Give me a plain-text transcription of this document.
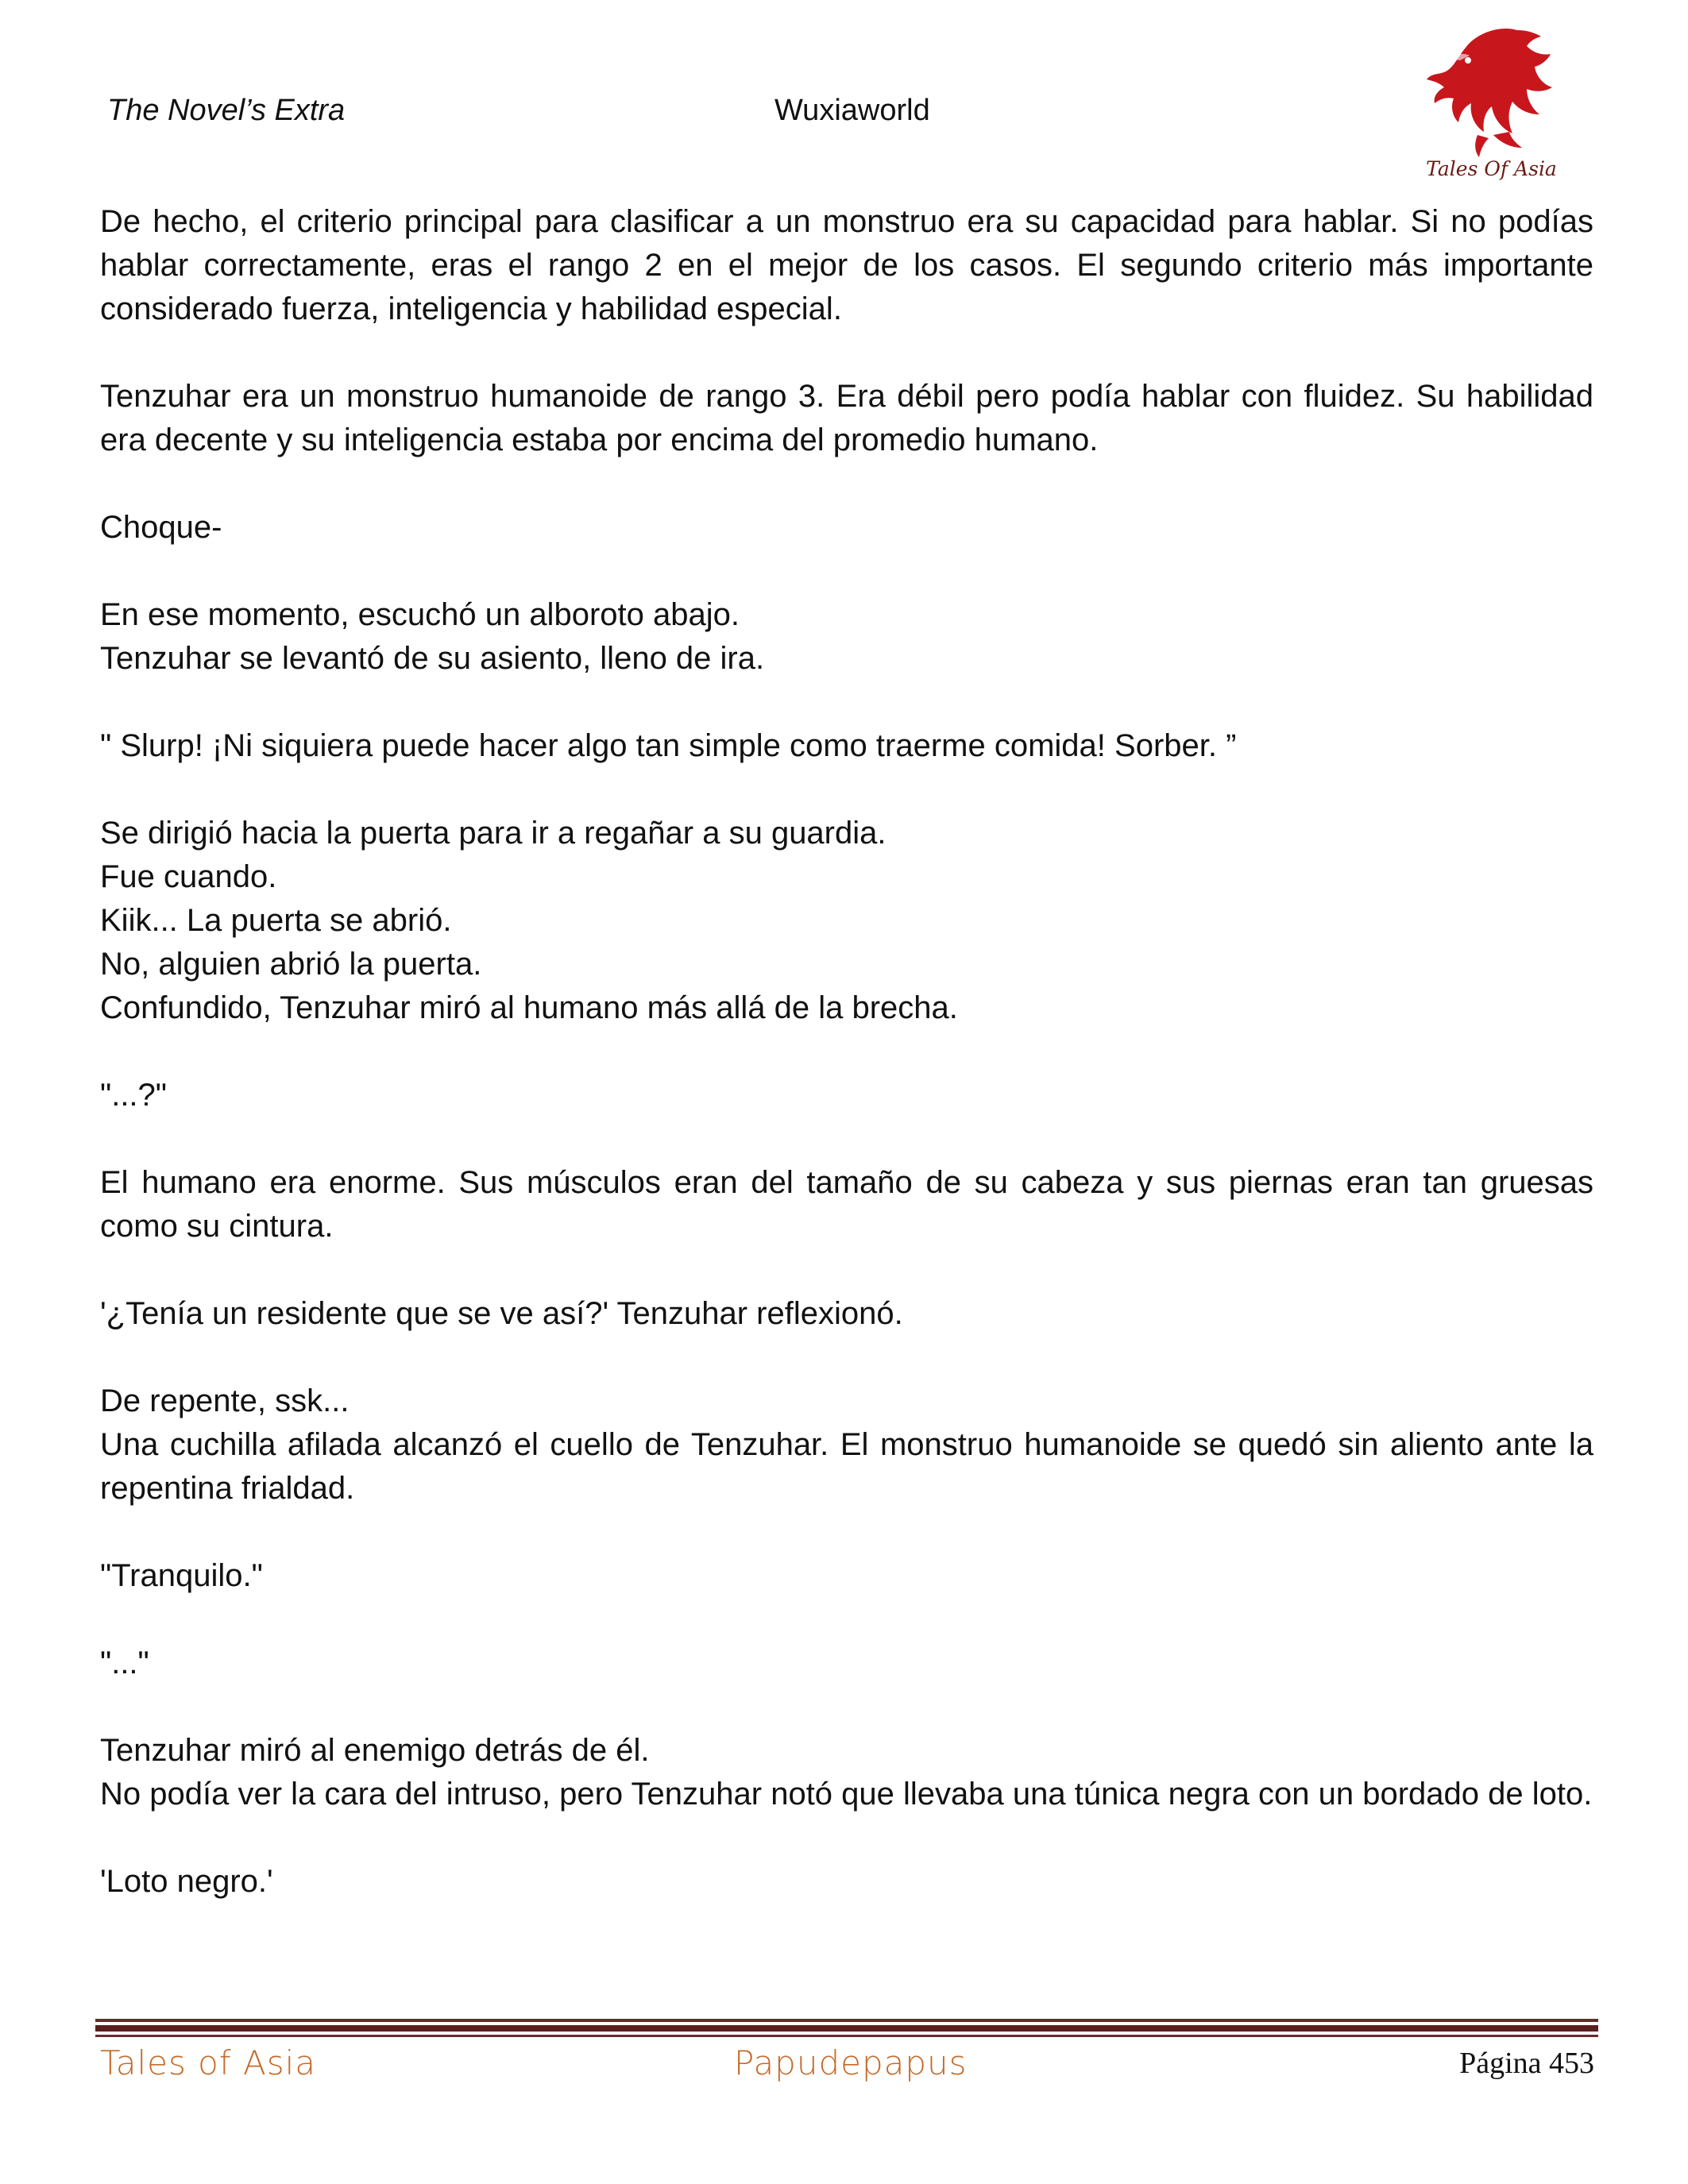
The Novel’s Extra	Wuxiaworld
Tales Of Asia

De hecho, el criterio principal para clasificar a un monstruo era su capacidad para hablar. Si no podías hablar correctamente, eras el rango 2 en el mejor de los casos. El segundo criterio más importante considerado fuerza, inteligencia y habilidad especial.

Tenzuhar era un monstruo humanoide de rango 3. Era débil pero podía hablar con fluidez. Su habilidad era decente y su inteligencia estaba por encima del promedio humano.

Choque-

En ese momento, escuchó un alboroto abajo.
Tenzuhar se levantó de su asiento, lleno de ira.

" Slurp! ¡Ni siquiera puede hacer algo tan simple como traerme comida! Sorber. ”

Se dirigió hacia la puerta para ir a regañar a su guardia.
Fue cuando.
Kiik... La puerta se abrió.
No, alguien abrió la puerta.
Confundido, Tenzuhar miró al humano más allá de la brecha.

"...?"

El humano era enorme. Sus músculos eran del tamaño de su cabeza y sus piernas eran tan gruesas como su cintura.

'¿Tenía un residente que se ve así?' Tenzuhar reflexionó.

De repente, ssk...
Una cuchilla afilada alcanzó el cuello de Tenzuhar. El monstruo humanoide se quedó sin aliento ante la repentina frialdad.

"Tranquilo."

"..."

Tenzuhar miró al enemigo detrás de él.
No podía ver la cara del intruso, pero Tenzuhar notó que llevaba una túnica negra con un bordado de loto.

'Loto negro.'

Tales of Asia	Papudepapus	Página 453
